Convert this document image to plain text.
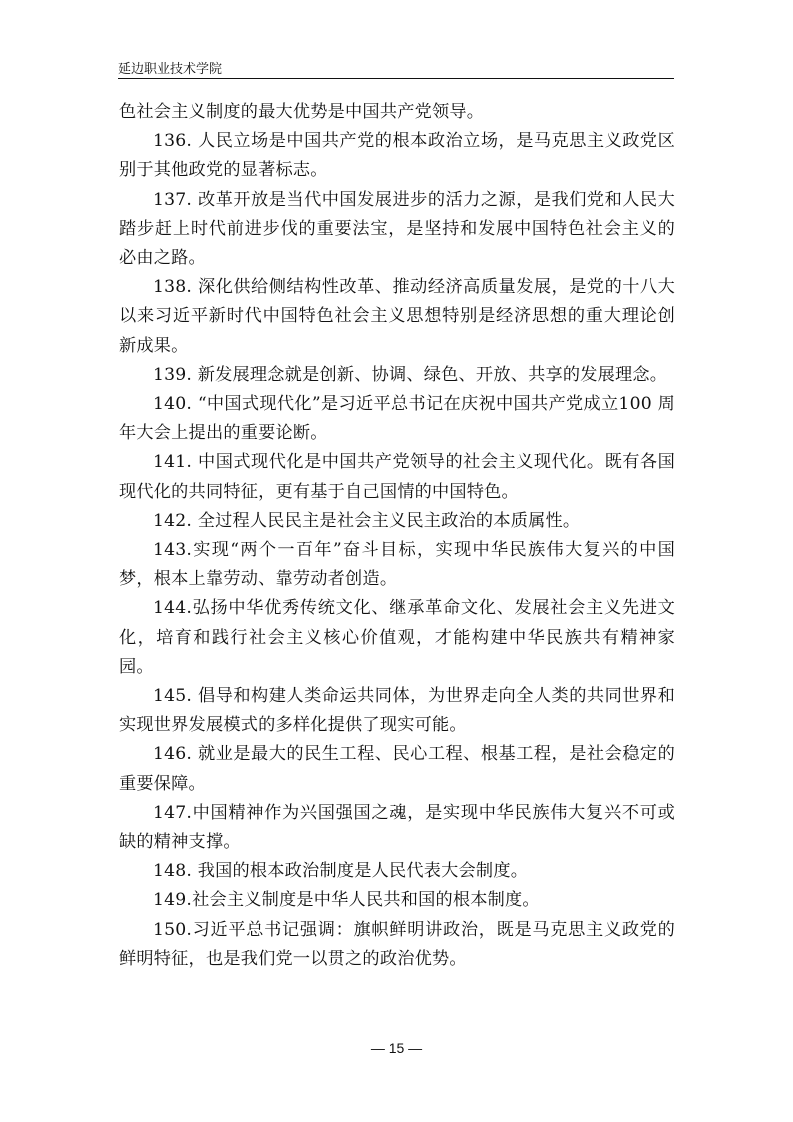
延边职业技术学院

色社会主义制度的最大优势是中国共产党领导。

136. 人民立场是中国共产党的根本政治立场，是马克思主义政党区别于其他政党的显著标志。

137. 改革开放是当代中国发展进步的活力之源，是我们党和人民大踏步赶上时代前进步伐的重要法宝，是坚持和发展中国特色社会主义的必由之路。

138. 深化供给侧结构性改革、推动经济高质量发展，是党的十八大以来习近平新时代中国特色社会主义思想特别是经济思想的重大理论创新成果。

139. 新发展理念就是创新、协调、绿色、开放、共享的发展理念。

140. “中国式现代化”是习近平总书记在庆祝中国共产党成立100 周年大会上提出的重要论断。

141. 中国式现代化是中国共产党领导的社会主义现代化。既有各国现代化的共同特征，更有基于自己国情的中国特色。

142. 全过程人民民主是社会主义民主政治的本质属性。

143.实现“两个一百年”奋斗目标，实现中华民族伟大复兴的中国梦，根本上靠劳动、靠劳动者创造。

144.弘扬中华优秀传统文化、继承革命文化、发展社会主义先进文化，培育和践行社会主义核心价值观，才能构建中华民族共有精神家园。

145. 倡导和构建人类命运共同体，为世界走向全人类的共同世界和实现世界发展模式的多样化提供了现实可能。

146. 就业是最大的民生工程、民心工程、根基工程，是社会稳定的重要保障。

147.中国精神作为兴国强国之魂，是实现中华民族伟大复兴不可或缺的精神支撑。

148. 我国的根本政治制度是人民代表大会制度。

149.社会主义制度是中华人民共和国的根本制度。

150.习近平总书记强调：旗帜鲜明讲政治，既是马克思主义政党的鲜明特征，也是我们党一以贯之的政治优势。

— 15 —
